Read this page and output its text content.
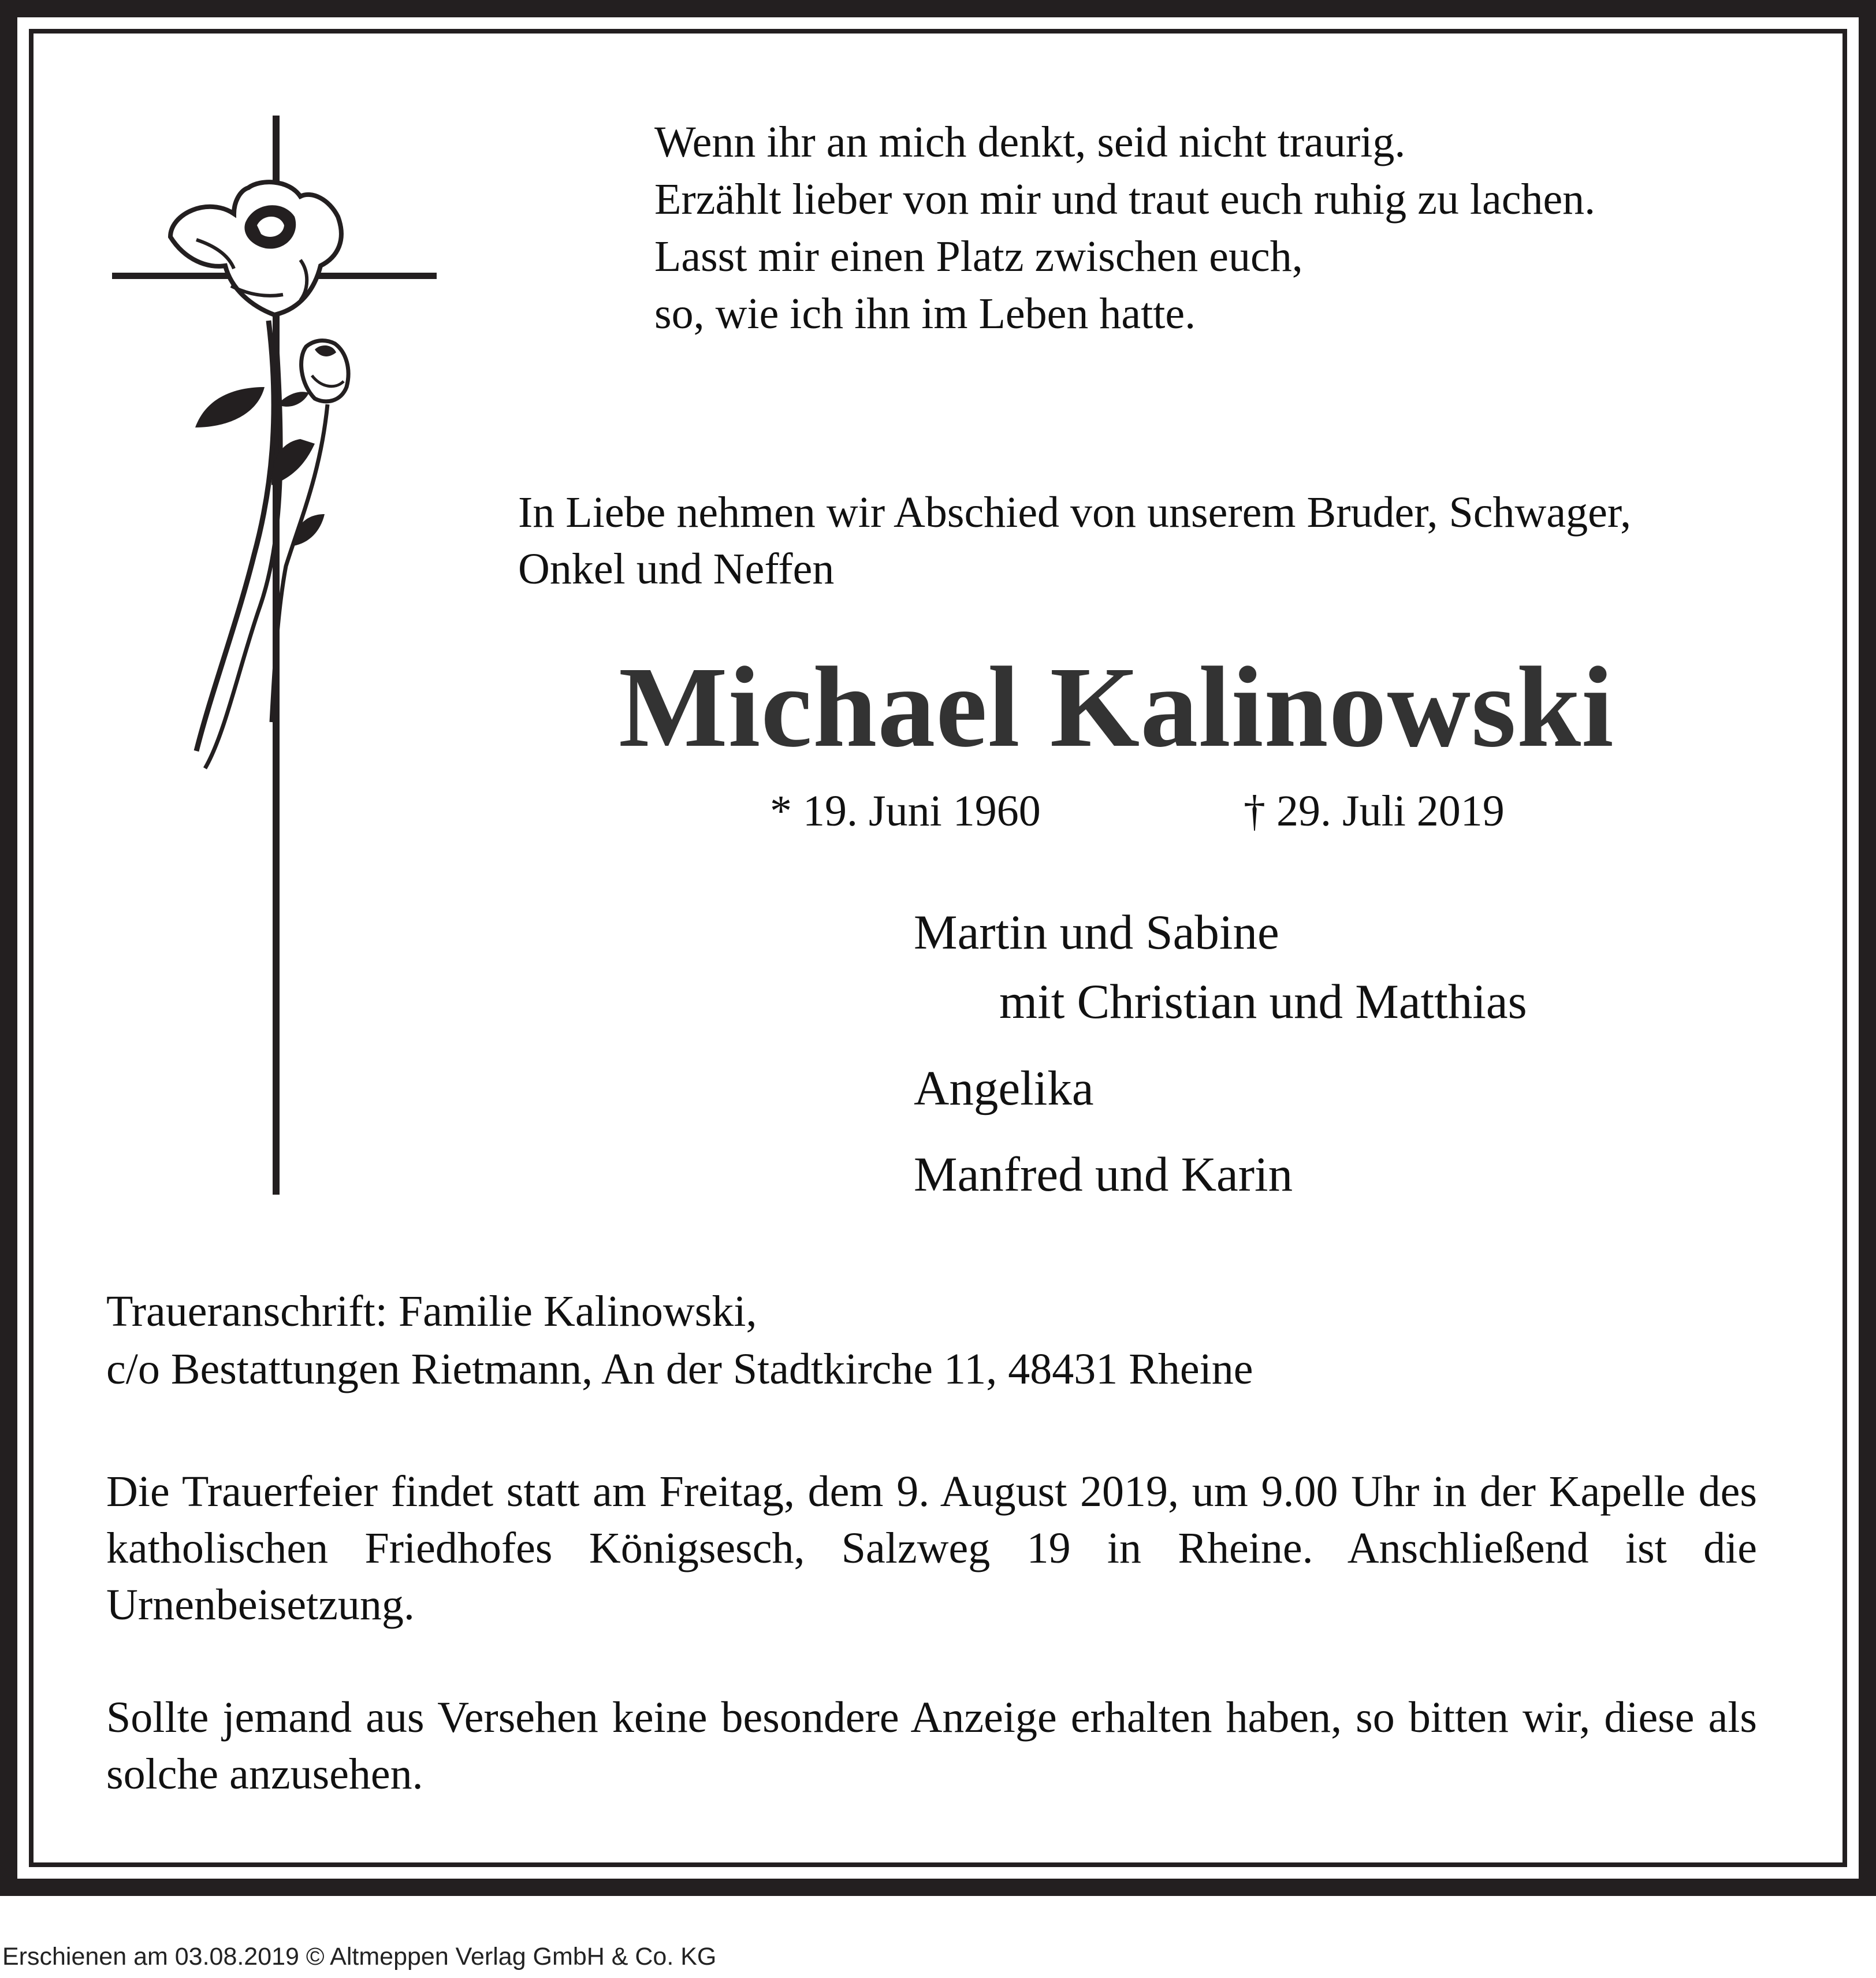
Wenn ihr an mich denkt, seid nicht traurig.
Erzählt lieber von mir und traut euch ruhig zu lachen.
Lasst mir einen Platz zwischen euch,
so, wie ich ihn im Leben hatte.
In Liebe nehmen wir Abschied von unserem Bruder, Schwager,
Onkel und Neffen
Michael Kalinowski
* 19. Juni 1960	† 29. Juli 2019
Martin und Sabine
mit Christian und Matthias
Angelika
Manfred und Karin
Traueranschrift: Familie Kalinowski,
c/o Bestattungen Rietmann, An der Stadtkirche 11, 48431 Rheine
Die Trauerfeier findet statt am Freitag, dem 9. August 2019, um 9.00 Uhr in der Kapelle des katholischen Friedhofes Königsesch, Salzweg 19 in Rheine. Anschließend ist die Urnenbeisetzung.
Sollte jemand aus Versehen keine besondere Anzeige erhalten haben, so bitten wir, diese als solche anzusehen.
Erschienen am 03.08.2019 © Altmeppen Verlag GmbH & Co. KG
